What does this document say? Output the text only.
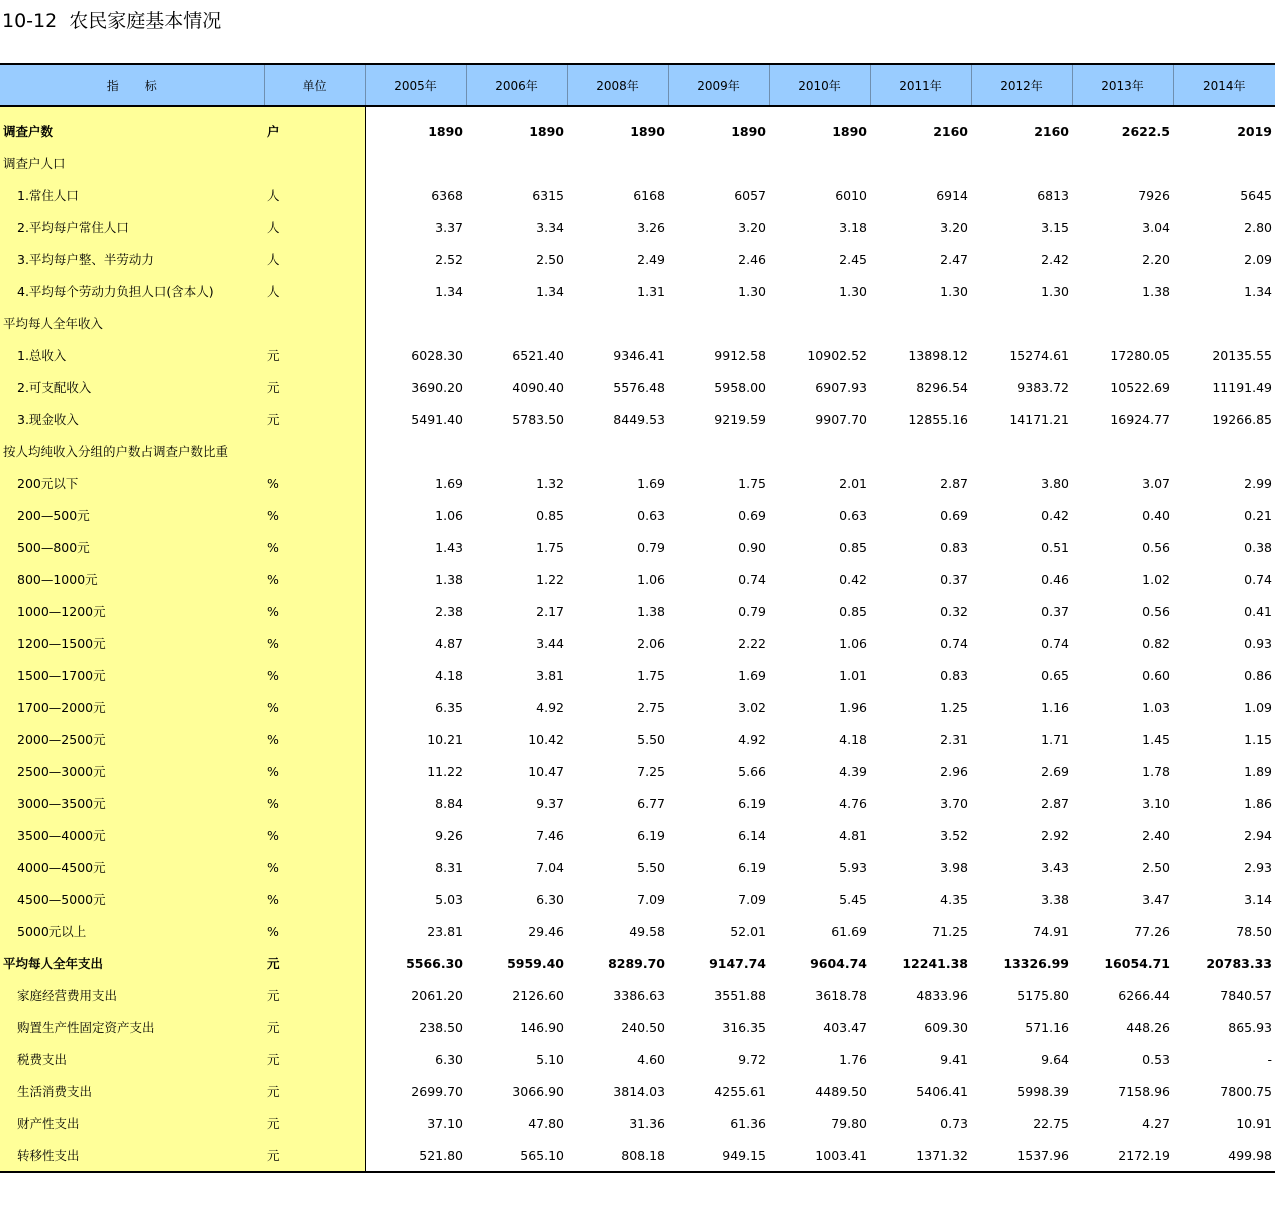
10-12  农民家庭基本情况
指标	单位	2005年	2006年	2008年	2009年	2010年	2011年	2012年	2013年	2014年

调查户数	户	1890	1890	1890	1890	1890	2160	2160	2622.5	2019
调查户人口										
1.常住人口	人	6368	6315	6168	6057	6010	6914	6813	7926	5645
2.平均每户常住人口	人	3.37	3.34	3.26	3.20	3.18	3.20	3.15	3.04	2.80
3.平均每户整、半劳动力	人	2.52	2.50	2.49	2.46	2.45	2.47	2.42	2.20	2.09
4.平均每个劳动力负担人口(含本人)	人	1.34	1.34	1.31	1.30	1.30	1.30	1.30	1.38	1.34
平均每人全年收入										
1.总收入	元	6028.30	6521.40	9346.41	9912.58	10902.52	13898.12	15274.61	17280.05	20135.55
2.可支配收入	元	3690.20	4090.40	5576.48	5958.00	6907.93	8296.54	9383.72	10522.69	11191.49
3.现金收入	元	5491.40	5783.50	8449.53	9219.59	9907.70	12855.16	14171.21	16924.77	19266.85
按人均纯收入分组的户数占调查户数比重										
200元以下	%	1.69	1.32	1.69	1.75	2.01	2.87	3.80	3.07	2.99
200—500元	%	1.06	0.85	0.63	0.69	0.63	0.69	0.42	0.40	0.21
500—800元	%	1.43	1.75	0.79	0.90	0.85	0.83	0.51	0.56	0.38
800—1000元	%	1.38	1.22	1.06	0.74	0.42	0.37	0.46	1.02	0.74
1000—1200元	%	2.38	2.17	1.38	0.79	0.85	0.32	0.37	0.56	0.41
1200—1500元	%	4.87	3.44	2.06	2.22	1.06	0.74	0.74	0.82	0.93
1500—1700元	%	4.18	3.81	1.75	1.69	1.01	0.83	0.65	0.60	0.86
1700—2000元	%	6.35	4.92	2.75	3.02	1.96	1.25	1.16	1.03	1.09
2000—2500元	%	10.21	10.42	5.50	4.92	4.18	2.31	1.71	1.45	1.15
2500—3000元	%	11.22	10.47	7.25	5.66	4.39	2.96	2.69	1.78	1.89
3000—3500元	%	8.84	9.37	6.77	6.19	4.76	3.70	2.87	3.10	1.86
3500—4000元	%	9.26	7.46	6.19	6.14	4.81	3.52	2.92	2.40	2.94
4000—4500元	%	8.31	7.04	5.50	6.19	5.93	3.98	3.43	2.50	2.93
4500—5000元	%	5.03	6.30	7.09	7.09	5.45	4.35	3.38	3.47	3.14
5000元以上	%	23.81	29.46	49.58	52.01	61.69	71.25	74.91	77.26	78.50
平均每人全年支出	元	5566.30	5959.40	8289.70	9147.74	9604.74	12241.38	13326.99	16054.71	20783.33
家庭经营费用支出	元	2061.20	2126.60	3386.63	3551.88	3618.78	4833.96	5175.80	6266.44	7840.57
购置生产性固定资产支出	元	238.50	146.90	240.50	316.35	403.47	609.30	571.16	448.26	865.93
税费支出	元	6.30	5.10	4.60	9.72	1.76	9.41	9.64	0.53	-
生活消费支出	元	2699.70	3066.90	3814.03	4255.61	4489.50	5406.41	5998.39	7158.96	7800.75
财产性支出	元	37.10	47.80	31.36	61.36	79.80	0.73	22.75	4.27	10.91
转移性支出	元	521.80	565.10	808.18	949.15	1003.41	1371.32	1537.96	2172.19	499.98
